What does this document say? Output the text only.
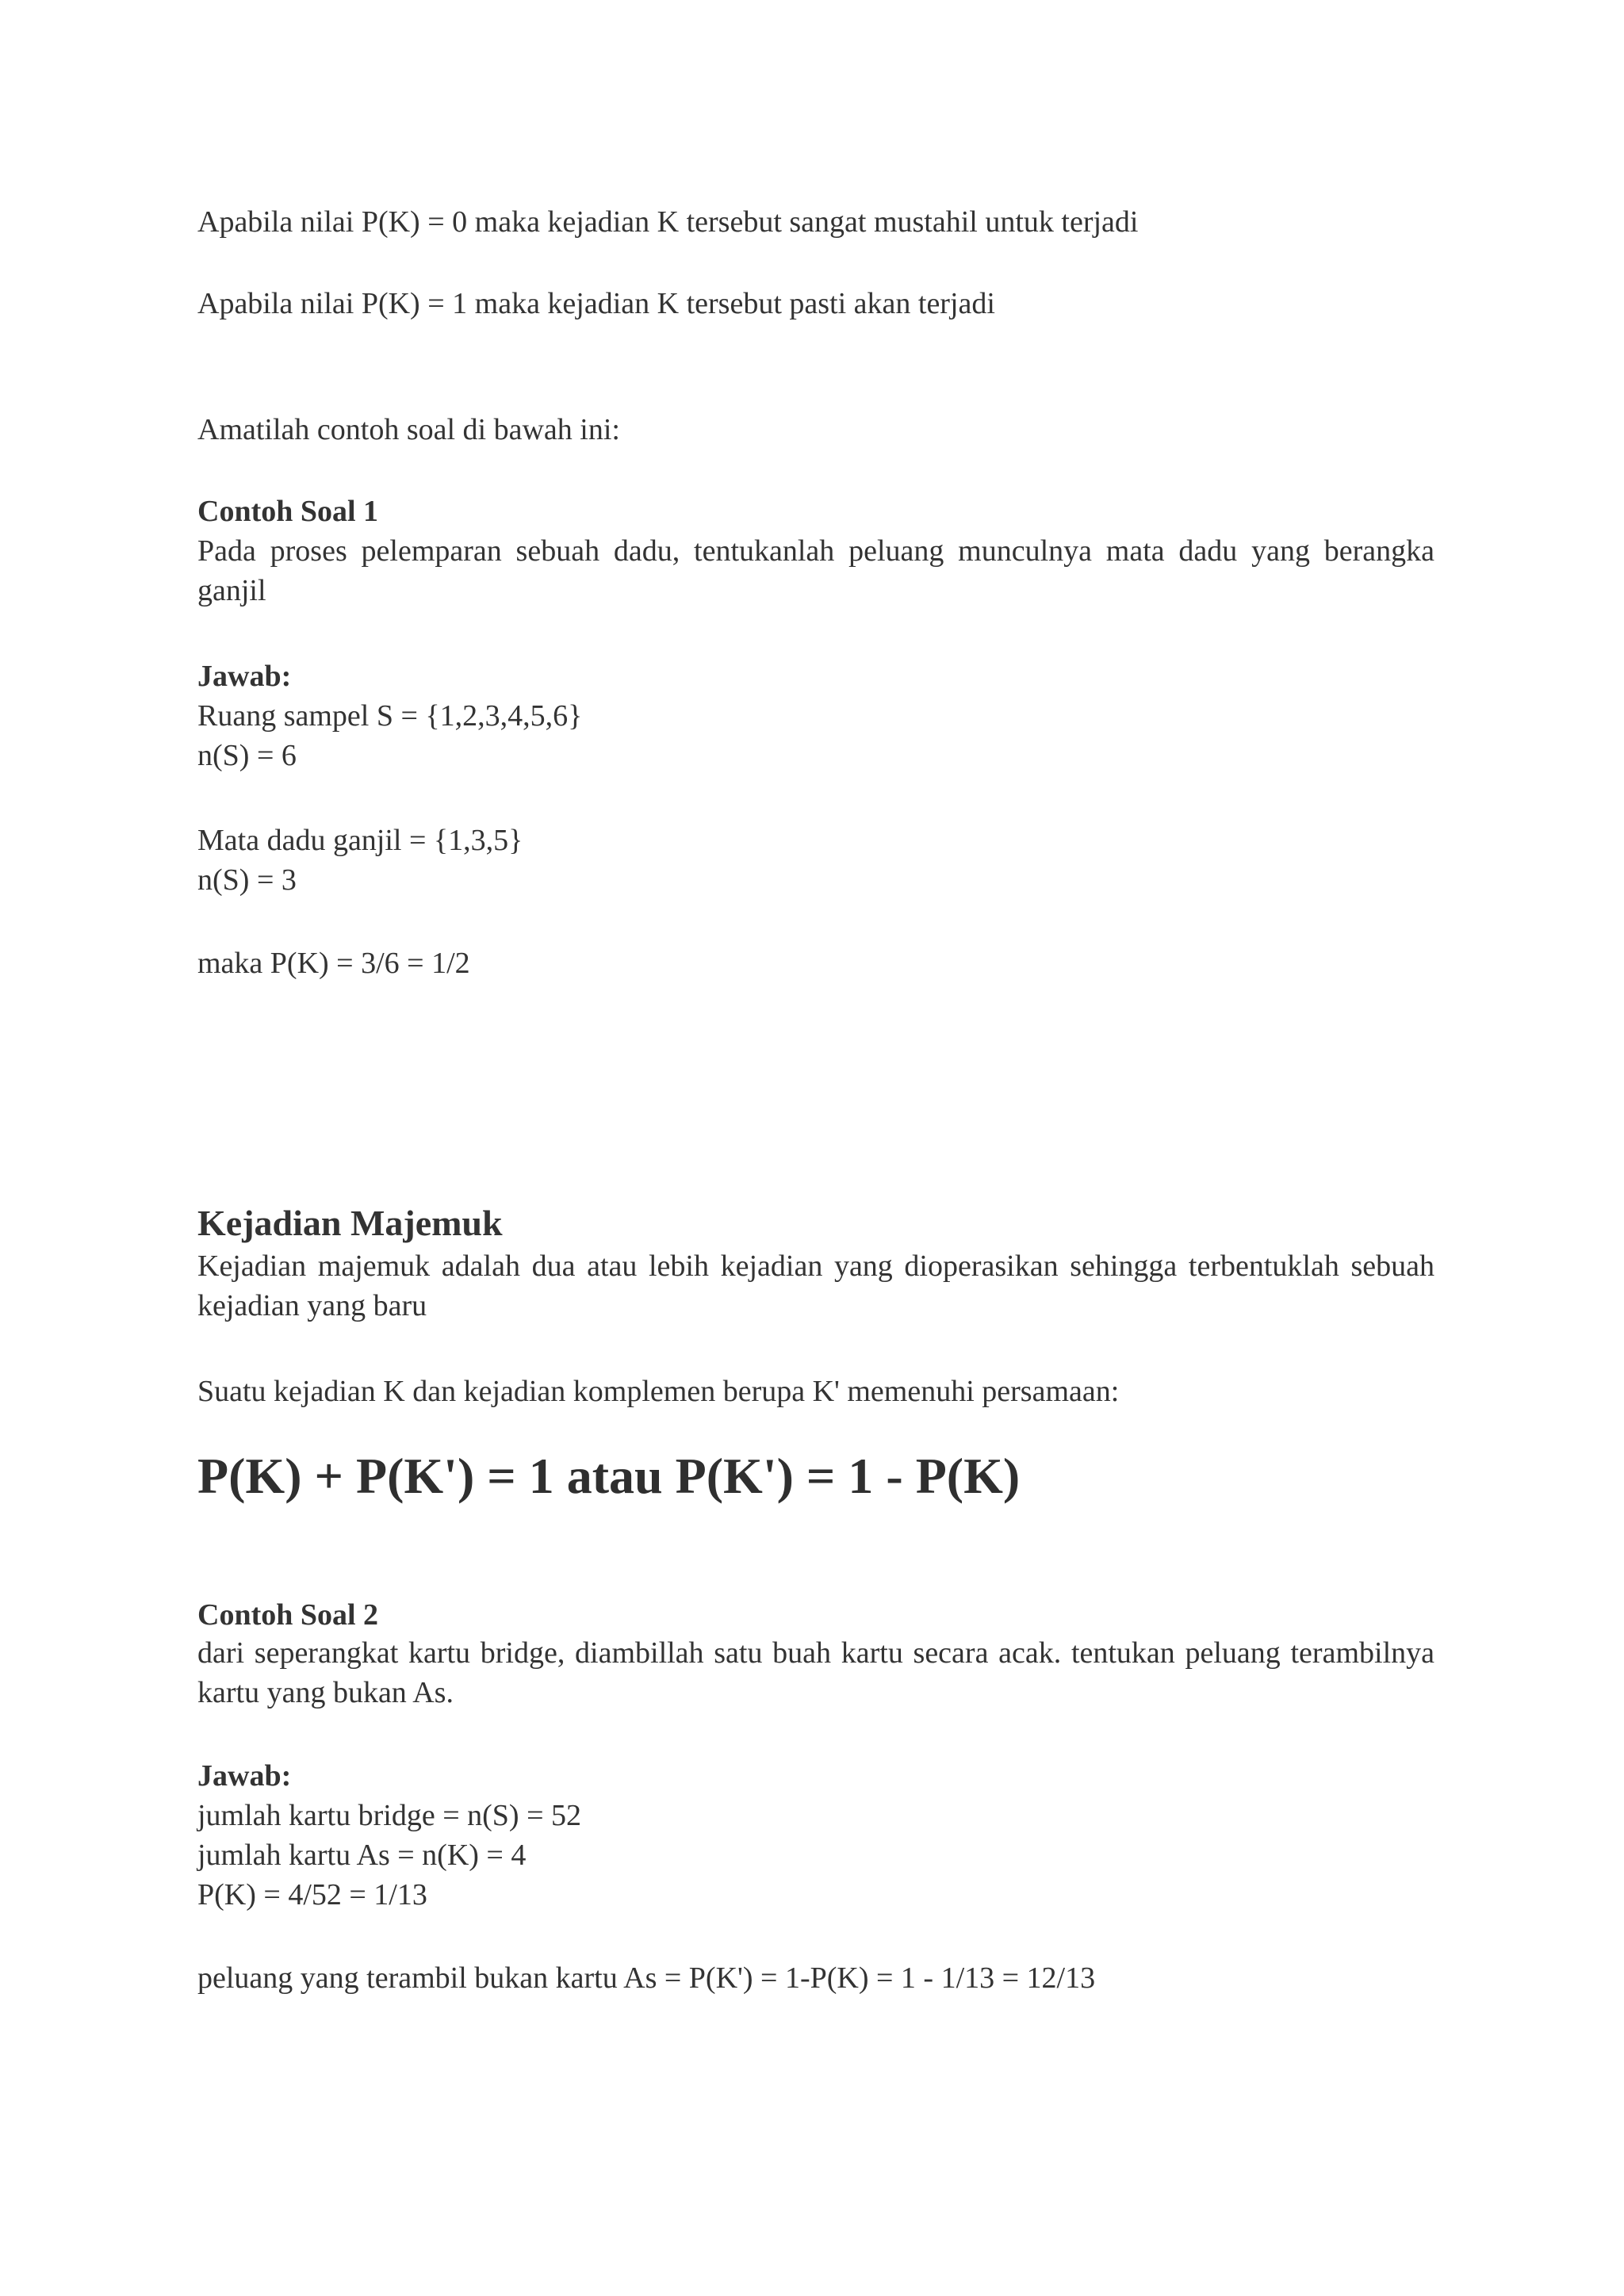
Apabila nilai P(K) = 0 maka kejadian K tersebut sangat mustahil untuk terjadi
Apabila nilai P(K) = 1 maka kejadian K tersebut pasti akan terjadi
Amatilah contoh soal di bawah ini:
Contoh Soal 1
Pada proses pelemparan sebuah dadu, tentukanlah peluang munculnya mata dadu yang berangka ganjil
Jawab:
Ruang sampel S = {1,2,3,4,5,6}
n(S) = 6
Mata dadu ganjil = {1,3,5}
n(S) = 3
maka P(K) = 3/6 = 1/2
Kejadian Majemuk
Kejadian majemuk adalah dua atau lebih kejadian yang dioperasikan sehingga terbentuklah sebuah kejadian yang baru
Suatu kejadian K dan kejadian komplemen berupa K' memenuhi persamaan:
P(K) + P(K') = 1 atau P(K') = 1 - P(K)
Contoh Soal 2
dari seperangkat kartu bridge, diambillah satu buah kartu secara acak. tentukan peluang terambilnya kartu yang bukan As.
Jawab:
jumlah kartu bridge = n(S) = 52
jumlah kartu As = n(K) = 4
P(K) = 4/52 = 1/13
peluang yang terambil bukan kartu As = P(K') = 1-P(K) = 1 - 1/13 = 12/13
